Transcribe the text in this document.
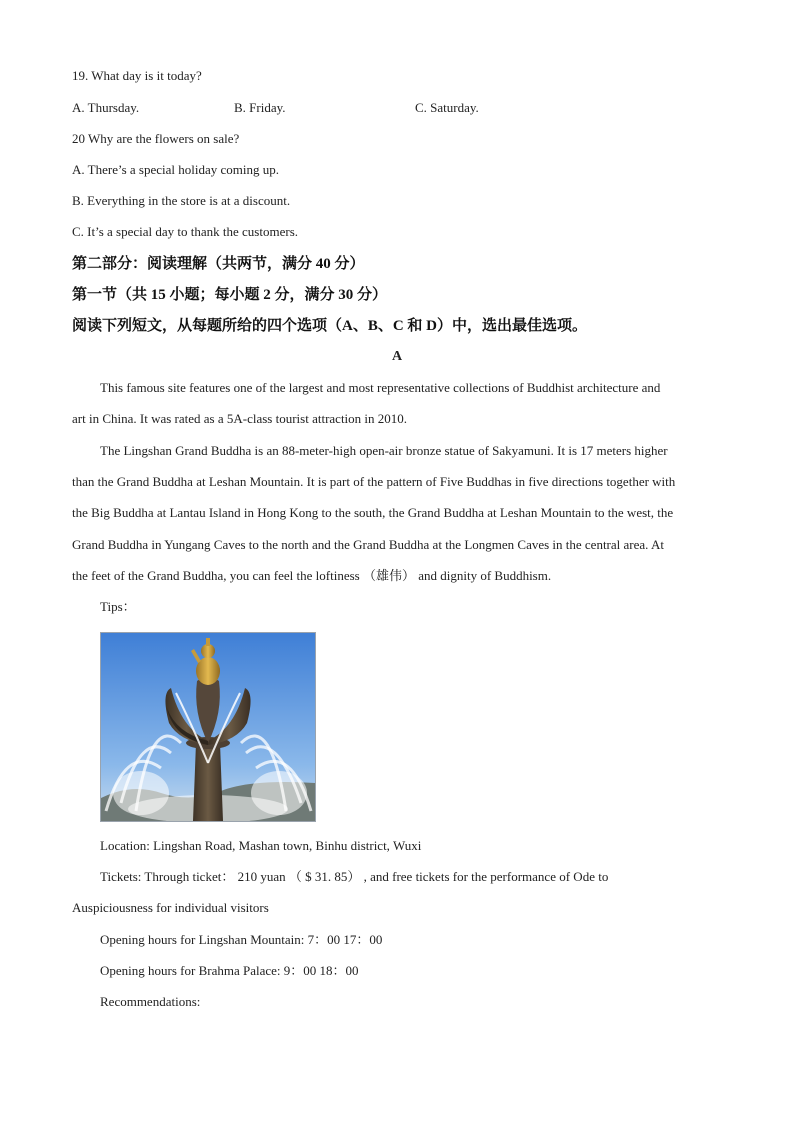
19. What day is it today?
A. Thursday.	B. Friday.	C. Saturday.
20 Why are the flowers on sale?
A. There’s a special holiday coming up.
B. Everything in the store is at a discount.
C. It’s a special day to thank the customers.
第二部分：阅读理解（共两节，满分 40 分）
第一节（共 15 小题；每小题 2 分，满分 30 分）
阅读下列短文，从每题所给的四个选项（A、B、C 和 D）中，选出最佳选项。
A
This famous site features one of the largest and most representative collections of Buddhist architecture and
art in China. It was rated as a 5A-class tourist attraction in 2010.
The Lingshan Grand Buddha is an 88-meter-high open-air bronze statue of Sakyamuni. It is 17 meters higher
than the Grand Buddha at Leshan Mountain. It is part of the pattern of Five Buddhas in five directions together with
the Big Buddha at Lantau Island in Hong Kong to the south, the Grand Buddha at Leshan Mountain to the west, the
Grand Buddha in Yungang Caves to the north and the Grand Buddha at the Longmen Caves in the central area. At
the feet of the Grand Buddha, you can feel the loftiness （雄伟） and dignity of Buddhism.
Tips：
Location: Lingshan Road, Mashan town, Binhu district, Wuxi
Tickets: Through ticket： 210 yuan （ $ 31. 85） , and free tickets for the performance of Ode to
Auspiciousness for individual visitors
Opening hours for Lingshan Mountain: 7：00 17：00
Opening hours for Brahma Palace: 9：00 18：00
Recommendations:
